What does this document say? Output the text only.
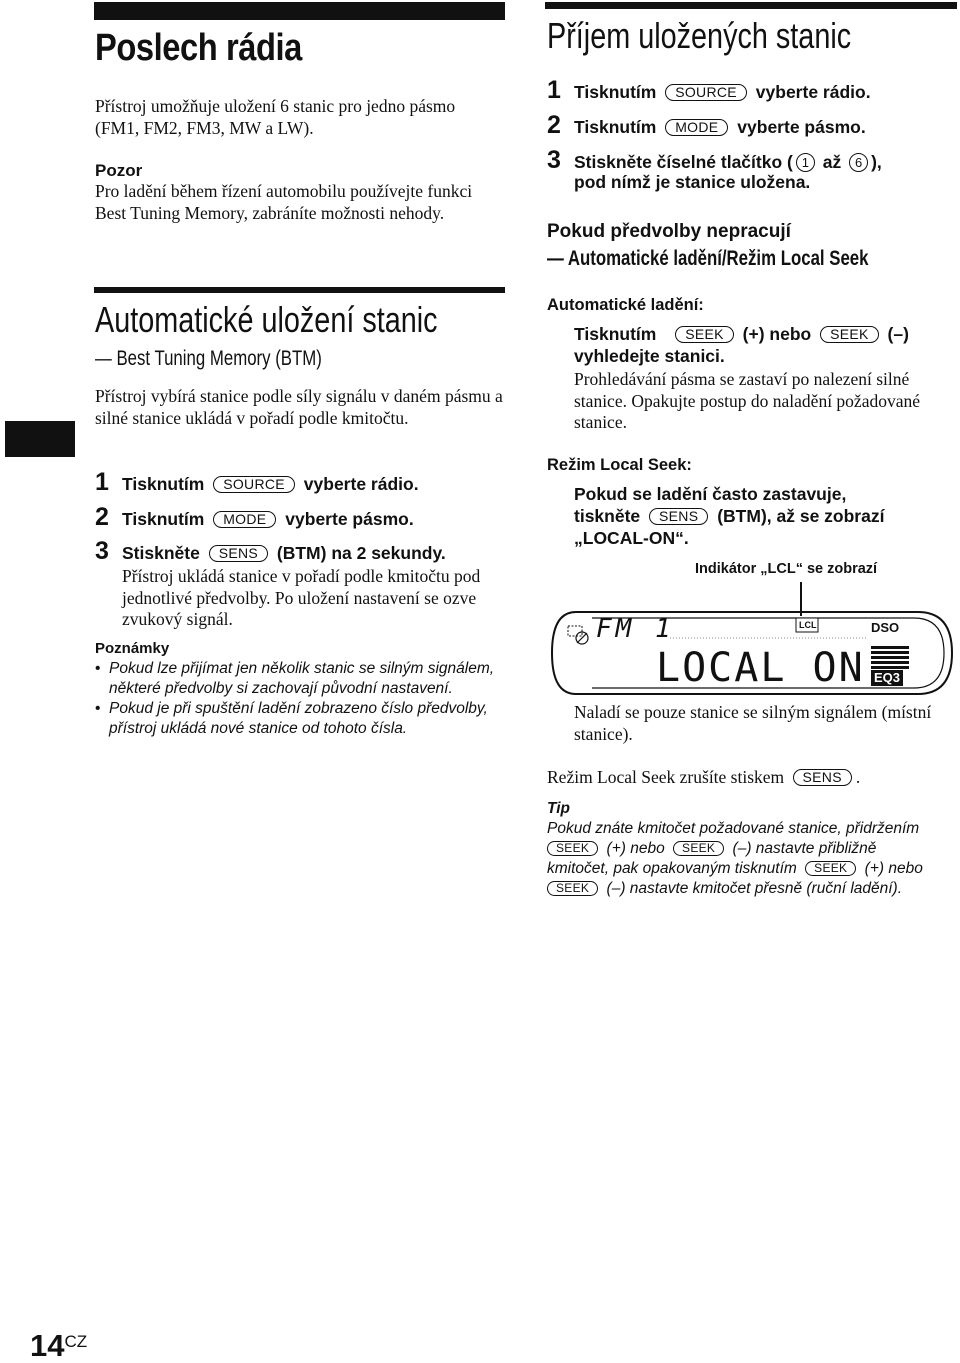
Poslech rádia
Přístroj umožňuje uložení 6 stanic pro jedno pásmo (FM1, FM2, FM3, MW a LW).
Pozor
Pro ladění během řízení automobilu používejte funkci Best Tuning Memory, zabráníte možnosti nehody.
Automatické uložení stanic
— Best Tuning Memory (BTM)
Přístroj vybírá stanice podle síly signálu v daném pásmu a silné stanice ukládá v pořadí podle kmitočtu.
1 Tisknutím SOURCE vyberte rádio.
2 Tisknutím MODE vyberte pásmo.
3 Stiskněte SENS (BTM) na 2 sekundy.
Přístroj ukládá stanice v pořadí podle kmitočtu pod jednotlivé předvolby. Po uložení nastavení se ozve zvukový signál.
Poznámky
• Pokud lze přijímat jen několik stanic se silným signálem, některé předvolby si zachovají původní nastavení.
• Pokud je při spuštění ladění zobrazeno číslo předvolby, přístroj ukládá nové stanice od tohoto čísla.
$14^{CZ}$
Příjem uložených stanic
1 Tisknutím SOURCE vyberte rádio.
2 Tisknutím MODE vyberte pásmo.
3 Stiskněte číselné tlačítko ( 1 až 6 ),
pod nímž je stanice uložena.
Pokud předvolby nepracují
— Automatické ladění/Režim Local Seek
Automatické ladění:
Tisknutím SEEK (+) nebo SEEK (–)
vyhledejte stanici.
Prohledávání pásma se zastaví po nalezení silné stanice. Opakujte postup do naladění požadované stanice.
Režim Local Seek:
Pokud se ladění často zastavuje,
tiskněte SENS (BTM), až se zobrazí
„LOCAL-ON“.
Indikátor „LCL“ se zobrazí
FM 1	LCL	DSO
LOCAL ON EQ3
Naladí se pouze stanice se silným signálem (místní stanice).
Režim Local Seek zrušíte stiskem SENS .
Tip
Pokud znáte kmitočet požadované stanice, přidržením
SEEK (+) nebo SEEK (–) nastavte přibližně
kmitočet, pak opakovaným tisknutím SEEK (+) nebo
SEEK (–) nastavte kmitočet přesně (ruční ladění).
